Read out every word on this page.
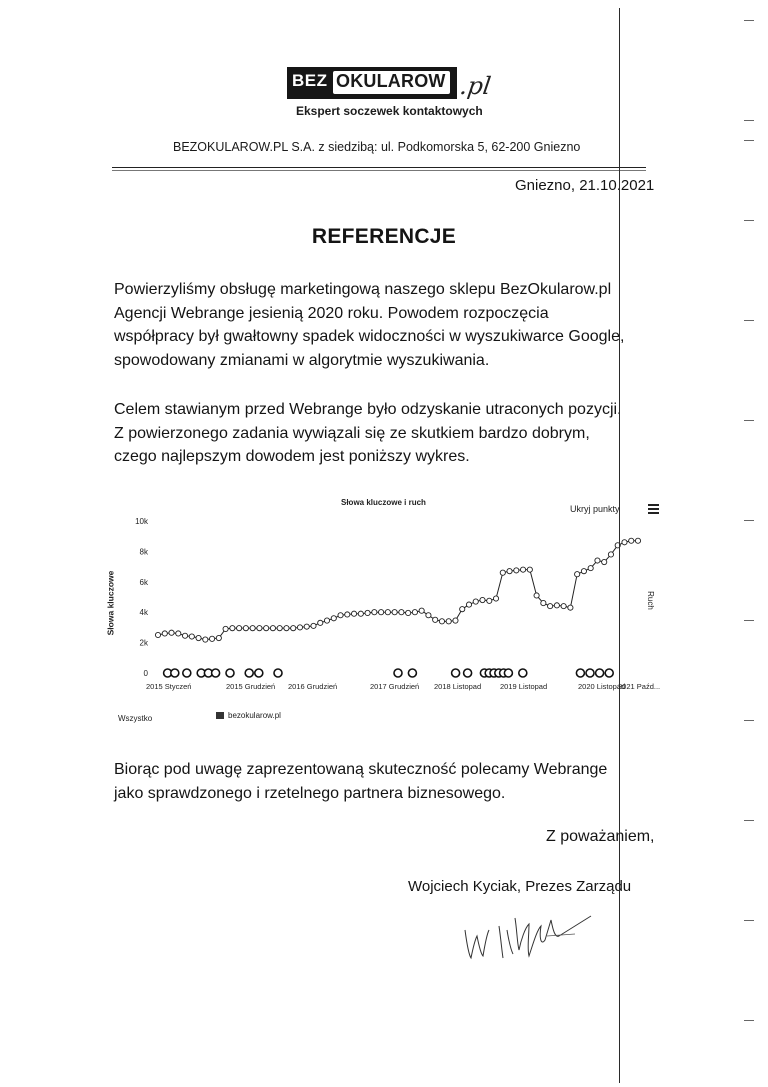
BEZ OKULAROW .pl
Ekspert soczewek kontaktowych
BEZOKULAROW.PL S.A. z siedzibą: ul. Podkomorska 5, 62-200 Gniezno
Gniezno, 21.10.2021
REFERENCJE
Powierzyliśmy obsługę marketingową naszego sklepu BezOkularow.pl
Agencji Webrange jesienią 2020 roku. Powodem rozpoczęcia
współpracy był gwałtowny spadek widoczności w wyszukiwarce Google,
spowodowany zmianami w algorytmie wyszukiwania.
Celem stawianym przed Webrange było odzyskanie utraconych pozycji.
Z powierzonego zadania wywiązali się ze skutkiem bardzo dobrym,
czego najlepszym dowodem jest poniższy wykres.
Słowa kluczowe i ruch
Ukryj punkty
Słowa kluczowe	Ruch
0
2k
4k
6k
8k
10k
2015 Styczeń	2015 Grudzień 2016 Grudzień	2017 Grudzień 2018 Listopad	2019 Listopad	2020 Listopad
2021 Paźd...
Wszystko	bezokularow.pl
Biorąc pod uwagę zaprezentowaną skuteczność polecamy Webrange
jako sprawdzonego i rzetelnego partnera biznesowego.
Z poważaniem,
Wojciech Kyciak, Prezes Zarządu
